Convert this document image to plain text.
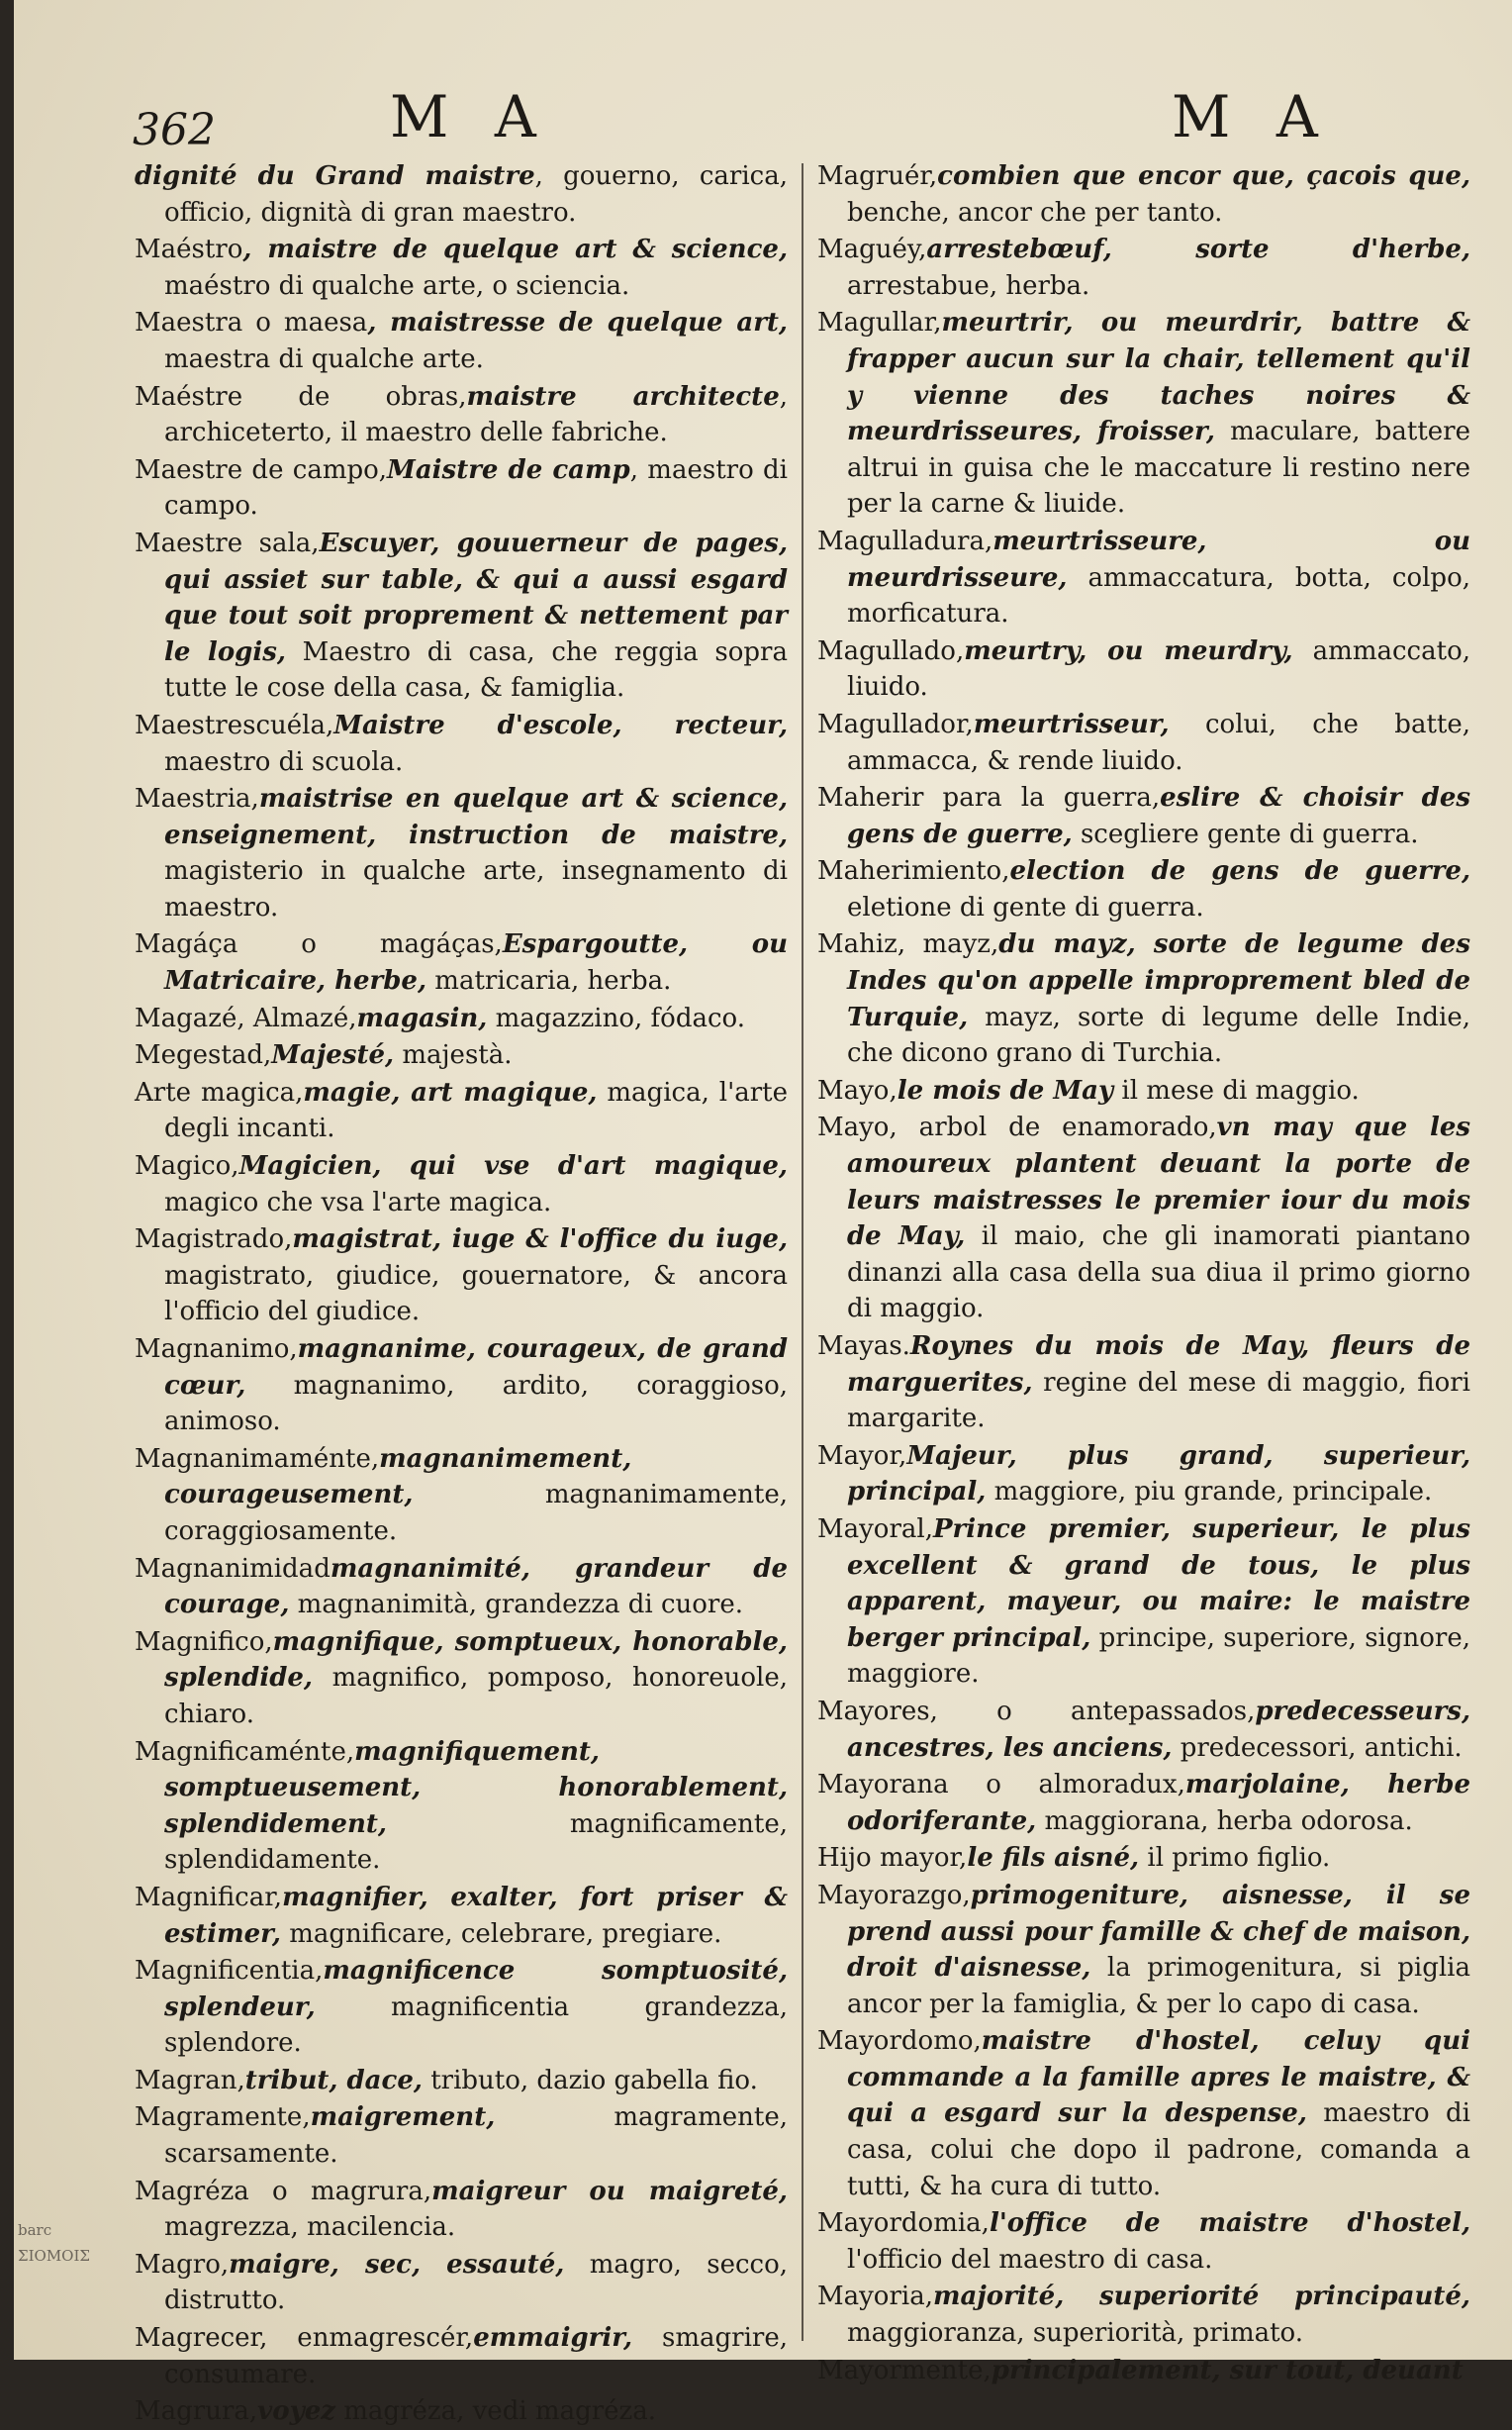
barc
ΣΙΟΜΟΙΣ
362	M A	M A

dignité du Grand maistre, gouerno, carica, officio, dignità di gran maestro.

Maéstro, maistre de quelque art & science, maéstro di qualche arte, o sciencia.

Maestra o maesa, maistresse de quelque art, maestra di qualche arte.

Maéstre de obras,maistre architecte, archiceterto, il maestro delle fabriche.

Maestre de campo,Maistre de camp, maestro di campo.

Maestre sala,Escuyer, gouuerneur de pages, qui assiet sur table, & qui a aussi esgard que tout soit proprement & nettement par le logis, Maestro di casa, che reggia sopra tutte le cose della casa, & famiglia.

Maestrescuéla,Maistre d'escole, recteur, maestro di scuola.

Maestria,maistrise en quelque art & science, enseignement, instruction de maistre, magisterio in qualche arte, insegnamento di maestro.

Magáça o magáças,Espargoutte, ou Matricaire, herbe, matricaria, herba.

Magazé, Almazé,magasin, magazzino, fódaco.

Megestad,Majesté, majestà.

Arte magica,magie, art magique, magica, l'arte degli incanti.

Magico,Magicien, qui vse d'art magique, magico che vsa l'arte magica.

Magistrado,magistrat, iuge & l'office du iuge, magistrato, giudice, gouernatore, & ancora l'officio del giudice.

Magnanimo,magnanime, courageux, de grand cœur, magnanimo, ardito, coraggioso, animoso.

Magnanimaménte,magnanimement, courageusement, magnanimamente, coraggiosamente.

Magnanimidadmagnanimité, grandeur de courage, magnanimità, grandezza di cuore.

Magnifico,magnifique, somptueux, honorable, splendide, magnifico, pomposo, honoreuole, chiaro.

Magnificaménte,magnifiquement, somptueusement, honorablement, splendidement, magnificamente, splendidamente.

Magnificar,magnifier, exalter, fort priser & estimer, magnificare, celebrare, pregiare.

Magnificentia,magnificence somptuosité, splendeur, magnificentia grandezza, splendore.

Magran,tribut, dace, tributo, dazio gabella fio.

Magramente,maigrement, magramente, scarsamente.

Magréza o magrura,maigreur ou maigreté, magrezza, macilencia.

Magro,maigre, sec, essauté, magro, secco, distrutto.

Magrecer, enmagrescér,emmaigrir, smagrire, consumare.

Magrura,voyez magréza, vedi magréza.

Magruér,combien que encor que, çacois que, benche, ancor che per tanto.

Maguéy,arrestebœuf, sorte d'herbe, arrestabue, herba.

Magullar,meurtrir, ou meurdrir, battre & frapper aucun sur la chair, tellement qu'il y vienne des taches noires & meurdrisseures, froisser, maculare, battere altrui in guisa che le maccature li restino nere per la carne & liuide.

Magulladura,meurtrisseure, ou meurdrisseure, ammaccatura, botta, colpo, morficatura.

Magullado,meurtry, ou meurdry, ammaccato, liuido.

Magullador,meurtrisseur, colui, che batte, ammacca, & rende liuido.

Maherir para la guerra,eslire & choisir des gens de guerre, scegliere gente di guerra.

Maherimiento,election de gens de guerre, eletione di gente di guerra.

Mahiz, mayz,du mayz, sorte de legume des Indes qu'on appelle improprement bled de Turquie, mayz, sorte di legume delle Indie, che dicono grano di Turchia.

Mayo,le mois de May il mese di maggio.

Mayo, arbol de enamorado,vn may que les amoureux plantent deuant la porte de leurs maistresses le premier iour du mois de May, il maio, che gli inamorati piantano dinanzi alla casa della sua diua il primo giorno di maggio.

Mayas.Roynes du mois de May, fleurs de marguerites, regine del mese di maggio, fiori margarite.

Mayor,Majeur, plus grand, superieur, principal, maggiore, piu grande, principale.

Mayoral,Prince premier, superieur, le plus excellent & grand de tous, le plus apparent, mayeur, ou maire: le maistre berger principal, principe, superiore, signore, maggiore.

Mayores, o antepassados,predecesseurs, ancestres, les anciens, predecessori, antichi.

Mayorana o almoradux,marjolaine, herbe odoriferante, maggiorana, herba odorosa.

Hijo mayor,le fils aisné, il primo figlio.

Mayorazgo,primogeniture, aisnesse, il se prend aussi pour famille & chef de maison, droit d'aisnesse, la primogenitura, si piglia ancor per la famiglia, & per lo capo di casa.

Mayordomo,maistre d'hostel, celuy qui commande a la famille apres le maistre, & qui a esgard sur la despense, maestro di casa, colui che dopo il padrone, comanda a tutti, & ha cura di tutto.

Mayordomia,l'office de maistre d'hostel, l'officio del maestro di casa.

Mayoria,majorité, superiorité principauté, maggioranza, superiorità, primato.

Mayormente,principalement, sur tout, deuant
